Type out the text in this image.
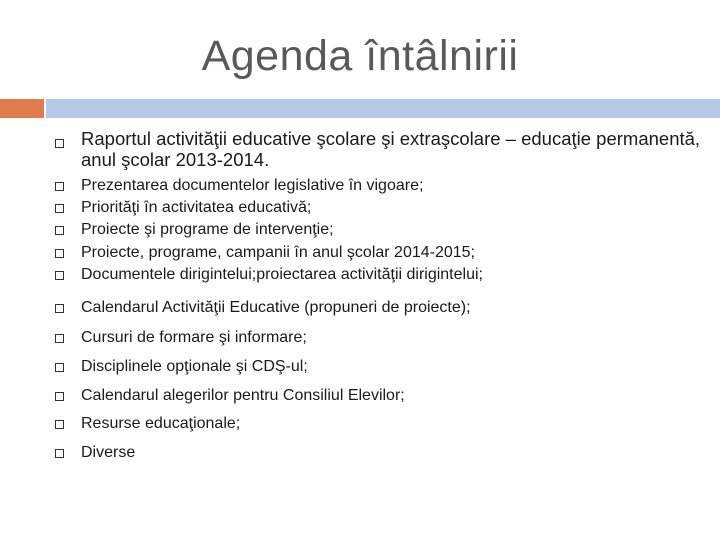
Agenda întâlnirii
Raportul activităţii educative şcolare şi extraşcolare – educaţie permanentă, anul şcolar 2013-2014.
Prezentarea documentelor legislative în vigoare;
Priorităţi în activitatea educativă;
Proiecte şi programe de intervenţie;
Proiecte, programe, campanii în anul şcolar 2014-2015;
Documentele dirigintelui;proiectarea activităţii dirigintelui;
Calendarul Activităţii Educative (propuneri de proiecte);
Cursuri de formare şi informare;
Disciplinele opţionale şi CDŞ-ul;
Calendarul alegerilor pentru Consiliul Elevilor;
Resurse educaţionale;
Diverse
